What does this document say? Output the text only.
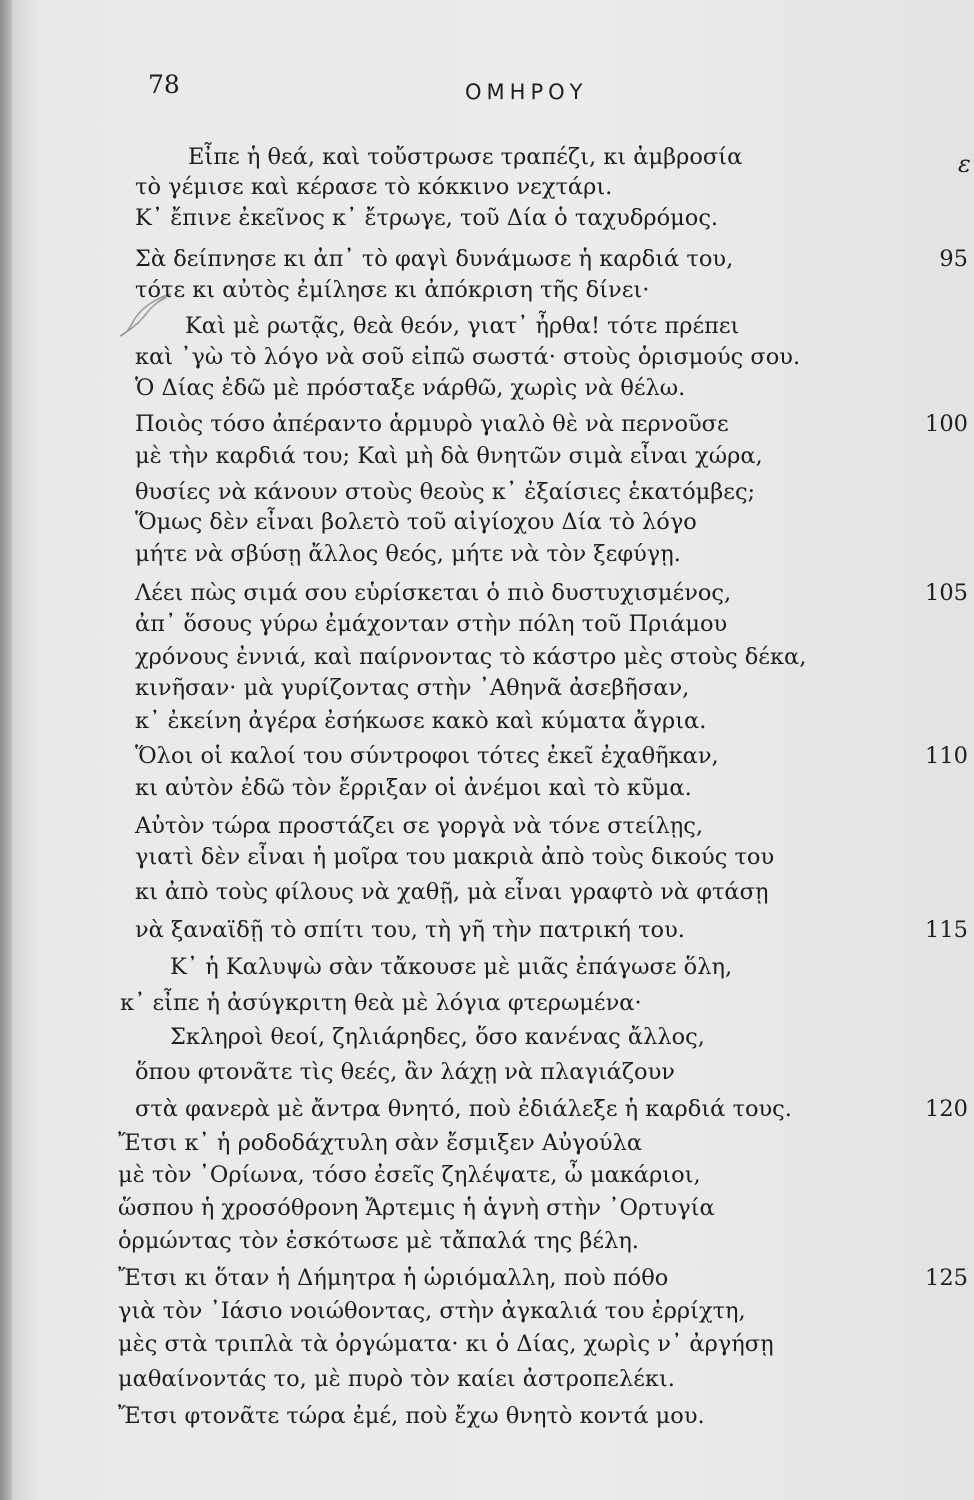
78	ΟΜΗΡΟΥ
ε
Εἶπε ἡ θεά, καὶ τοὔστρωσε τραπέζι, κι ἀμβροσία
τὸ γέμισε καὶ κέρασε τὸ κόκκινο νεχτάρι.
Κ᾽ ἔπινε ἐκεῖνος κ᾽ ἔτρωγε, τοῦ Δία ὁ ταχυδρόμος.
Σὰ δείπνησε κι ἀπ᾽ τὸ φαγὶ δυνάμωσε ἡ καρδιά του,	95
τότε κι αὐτὸς ἐμίλησε κι ἀπόκριση τῆς δίνει·
Καὶ μὲ ρωτᾷς, θεὰ θεόν, γιατ᾽ ἦρθα! τότε πρέπει
καὶ ᾽γὼ τὸ λόγο νὰ σοῦ εἰπῶ σωστά· στοὺς ὁρισμούς σου.
Ὁ Δίας ἐδῶ μὲ πρόσταξε νάρθῶ, χωρὶς νὰ θέλω.
Ποιὸς τόσο ἀπέραντο ἁρμυρὸ γιαλὸ θὲ νὰ περνοῦσε	100
μὲ τὴν καρδιά του; Καὶ μὴ δὰ θνητῶν σιμὰ εἶναι χώρα,
θυσίες νὰ κάνουν στοὺς θεοὺς κ᾽ ἐξαίσιες ἑκατόμβες;
Ὅμως δὲν εἶναι βολετὸ τοῦ αἰγίοχου Δία τὸ λόγο
μήτε νὰ σβύσῃ ἄλλος θεός, μήτε νὰ τὸν ξεφύγῃ.
Λέει πὼς σιμά σου εὑρίσκεται ὁ πιὸ δυστυχισμένος,	105
ἀπ᾽ ὅσους γύρω ἐμάχονταν στὴν πόλη τοῦ Πριάμου
χρόνους ἐννιά, καὶ παίρνοντας τὸ κάστρο μὲς στοὺς δέκα,
κινῆσαν· μὰ γυρίζοντας στὴν ᾽Αθηνᾶ ἀσεβῆσαν,
κ᾽ ἐκείνη ἀγέρα ἐσήκωσε κακὸ καὶ κύματα ἄγρια.
Ὅλοι οἱ καλοί του σύντροφοι τότες ἐκεῖ ἐχαθῆκαν,	110
κι αὐτὸν ἐδῶ τὸν ἔρριξαν οἱ ἀνέμοι καὶ τὸ κῦμα.
Αὐτὸν τώρα προστάζει σε γοργὰ νὰ τόνε στείλῃς,
γιατὶ δὲν εἶναι ἡ μοῖρα του μακριὰ ἀπὸ τοὺς δικούς του
κι ἀπὸ τοὺς φίλους νὰ χαθῇ, μὰ εἶναι γραφτὸ νὰ φτάσῃ
νὰ ξαναϊδῇ τὸ σπίτι του, τὴ γῆ τὴν πατρική του.	115
Κ᾽ ἡ Καλυψὼ σὰν τἄκουσε μὲ μιᾶς ἐπάγωσε ὅλη,
κ᾽ εἶπε ἡ ἀσύγκριτη θεὰ μὲ λόγια φτερωμένα·
Σκληροὶ θεοί, ζηλιάρηδες, ὅσο κανένας ἄλλος,
ὅπου φτονᾶτε τὶς θεές, ἂν λάχῃ νὰ πλαγιάζουν
στὰ φανερὰ μὲ ἄντρα θνητό, ποὺ ἐδιάλεξε ἡ καρδιά τους.	120
Ἔτσι κ᾽ ἡ ροδοδάχτυλη σὰν ἔσμιξεν Αὐγούλα
μὲ τὸν ᾽Ορίωνα, τόσο ἐσεῖς ζηλέψατε, ὦ μακάριοι,
ὥσπου ἡ χροσόθρονη Ἄρτεμις ἡ ἁγνὴ στὴν ᾽Ορτυγία
ὁρμώντας τὸν ἐσκότωσε μὲ τἄπαλά της βέλη.
Ἔτσι κι ὅταν ἡ Δήμητρα ἡ ὡριόμαλλη, ποὺ πόθο	125
γιὰ τὸν ᾽Ιάσιο νοιώθοντας, στὴν ἀγκαλιά του ἐρρίχτη,
μὲς στὰ τριπλὰ τὰ ὀργώματα· κι ὁ Δίας, χωρὶς ν᾽ ἀργήσῃ
μαθαίνοντάς το, μὲ πυρὸ τὸν καίει ἀστροπελέκι.
Ἔτσι φτονᾶτε τώρα ἐμέ, ποὺ ἔχω θνητὸ κοντά μου.
